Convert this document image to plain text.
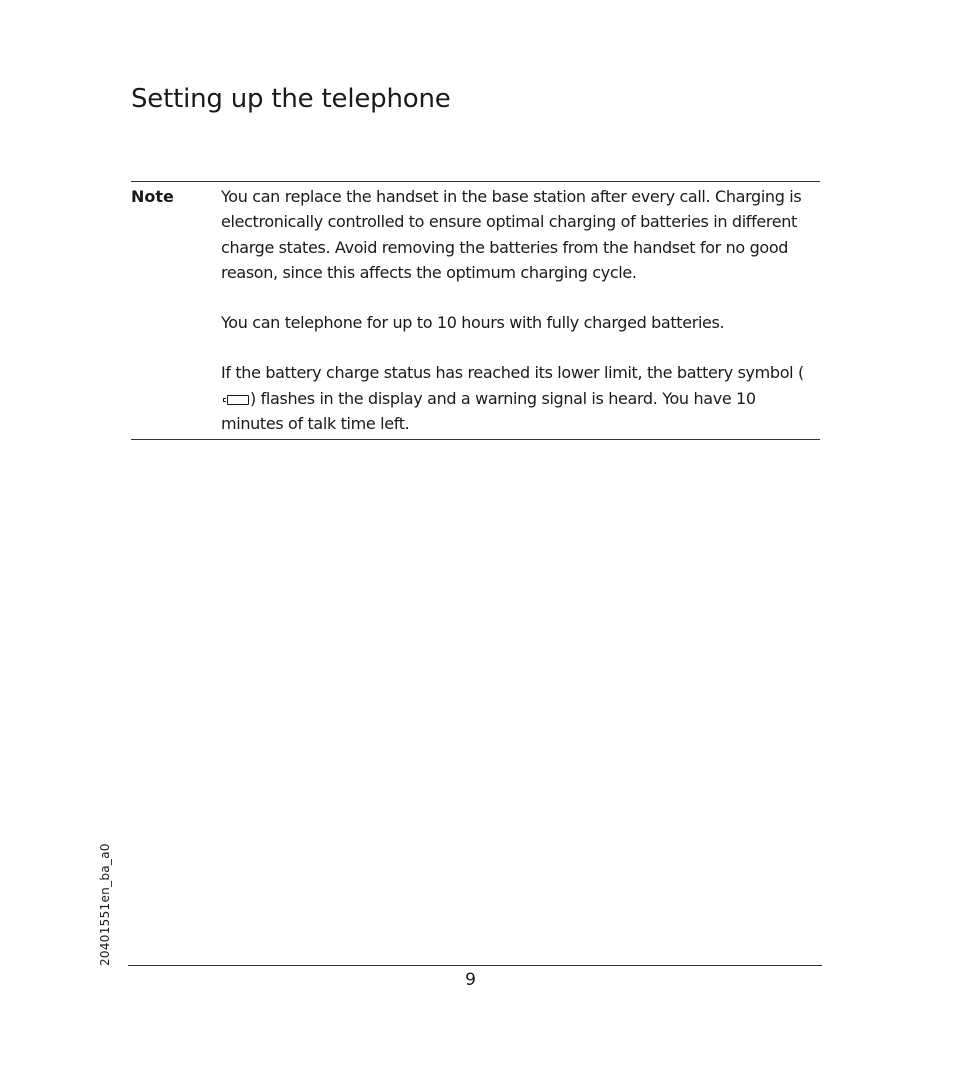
Setting up the telephone
Note	You can replace the handset in the base station after every call. Charging is electronically controlled to ensure optimal charging of batteries in different charge states. Avoid removing the batteries from the handset for no good reason, since this affects the optimum charging cycle.

You can telephone for up to 10 hours with fully charged batteries.

If the battery charge status has reached its lower limit, the battery symbol () flashes in the display and a warning signal is heard. You have 10 minutes of talk time left.

20401551en_ba_a0
9
